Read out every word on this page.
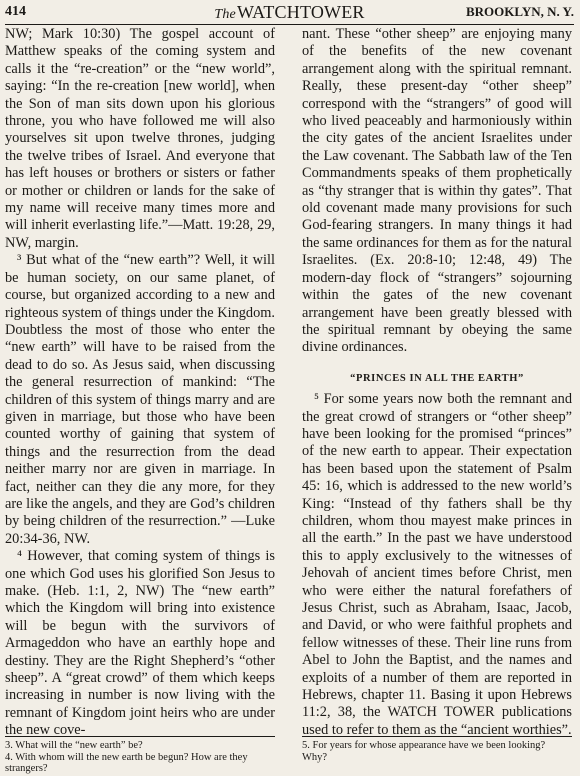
414	TheWATCHTOWER	BROOKLYN, N. Y.

NW; Mark 10:30) The gospel account of Matthew speaks of the coming system and calls it the “re-creation” or the “new world”, saying: “In the re-creation [new world], when the Son of man sits down upon his glorious throne, you who have followed me will also yourselves sit upon twelve thrones, judging the twelve tribes of Israel. And everyone that has left houses or brothers or sisters or father or mother or children or lands for the sake of my name will receive many times more and will inherit everlasting life.”—Matt. 19:28, 29, NW, margin.

³ But what of the “new earth”? Well, it will be human society, on our same planet, of course, but organized according to a new and righteous system of things under the Kingdom. Doubtless the most of those who enter the “new earth” will have to be raised from the dead to do so. As Jesus said, when discussing the general resurrection of mankind: “The children of this system of things marry and are given in marriage, but those who have been counted worthy of gaining that system of things and the resurrection from the dead neither marry nor are given in marriage. In fact, neither can they die any more, for they are like the angels, and they are God’s children by being children of the resurrection.” —Luke 20:34-36, NW.

⁴ However, that coming system of things is one which God uses his glorified Son Jesus to make. (Heb. 1:1, 2, NW) The “new earth” which the Kingdom will bring into existence will be begun with the survivors of Armageddon who have an earthly hope and destiny. They are the Right Shepherd’s “other sheep”. A “great crowd” of them which keeps increasing in number is now living with the remnant of Kingdom joint heirs who are under the new cove-

nant. These “other sheep” are enjoying many of the benefits of the new covenant arrangement along with the spiritual remnant. Really, these present-day “other sheep” correspond with the “strangers” of good will who lived peaceably and harmoniously within the city gates of the ancient Israelites under the Law covenant. The Sabbath law of the Ten Commandments speaks of them prophetically as “thy stranger that is within thy gates”. That old covenant made many provisions for such God-fearing strangers. In many things it had the same ordinances for them as for the natural Israelites. (Ex. 20:8-10; 12:48, 49) The modern-day flock of “strangers” sojourning within the gates of the new covenant arrangement have been greatly blessed with the spiritual remnant by obeying the same divine ordinances.

“PRINCES IN ALL THE EARTH”

⁵ For some years now both the remnant and the great crowd of strangers or “other sheep” have been looking for the promised “princes” of the new earth to appear. Their expectation has been based upon the statement of Psalm 45: 16, which is addressed to the new world’s King: “Instead of thy fathers shall be thy children, whom thou mayest make princes in all the earth.” In the past we have understood this to apply exclusively to the witnesses of Jehovah of ancient times before Christ, men who were either the natural forefathers of Jesus Christ, such as Abraham, Isaac, Jacob, and David, or who were faithful prophets and fellow witnesses of these. Their line runs from Abel to John the Baptist, and the names and exploits of a number of them are reported in Hebrews, chapter 11. Basing it upon Hebrews 11:2, 38, the WATCH TOWER publications used to refer to them as the “ancient worthies”.

3. What will the “new earth” be?

4. With whom will the new earth be begun? How are they strangers?

5. For years for whose appearance have we been looking? Why?
